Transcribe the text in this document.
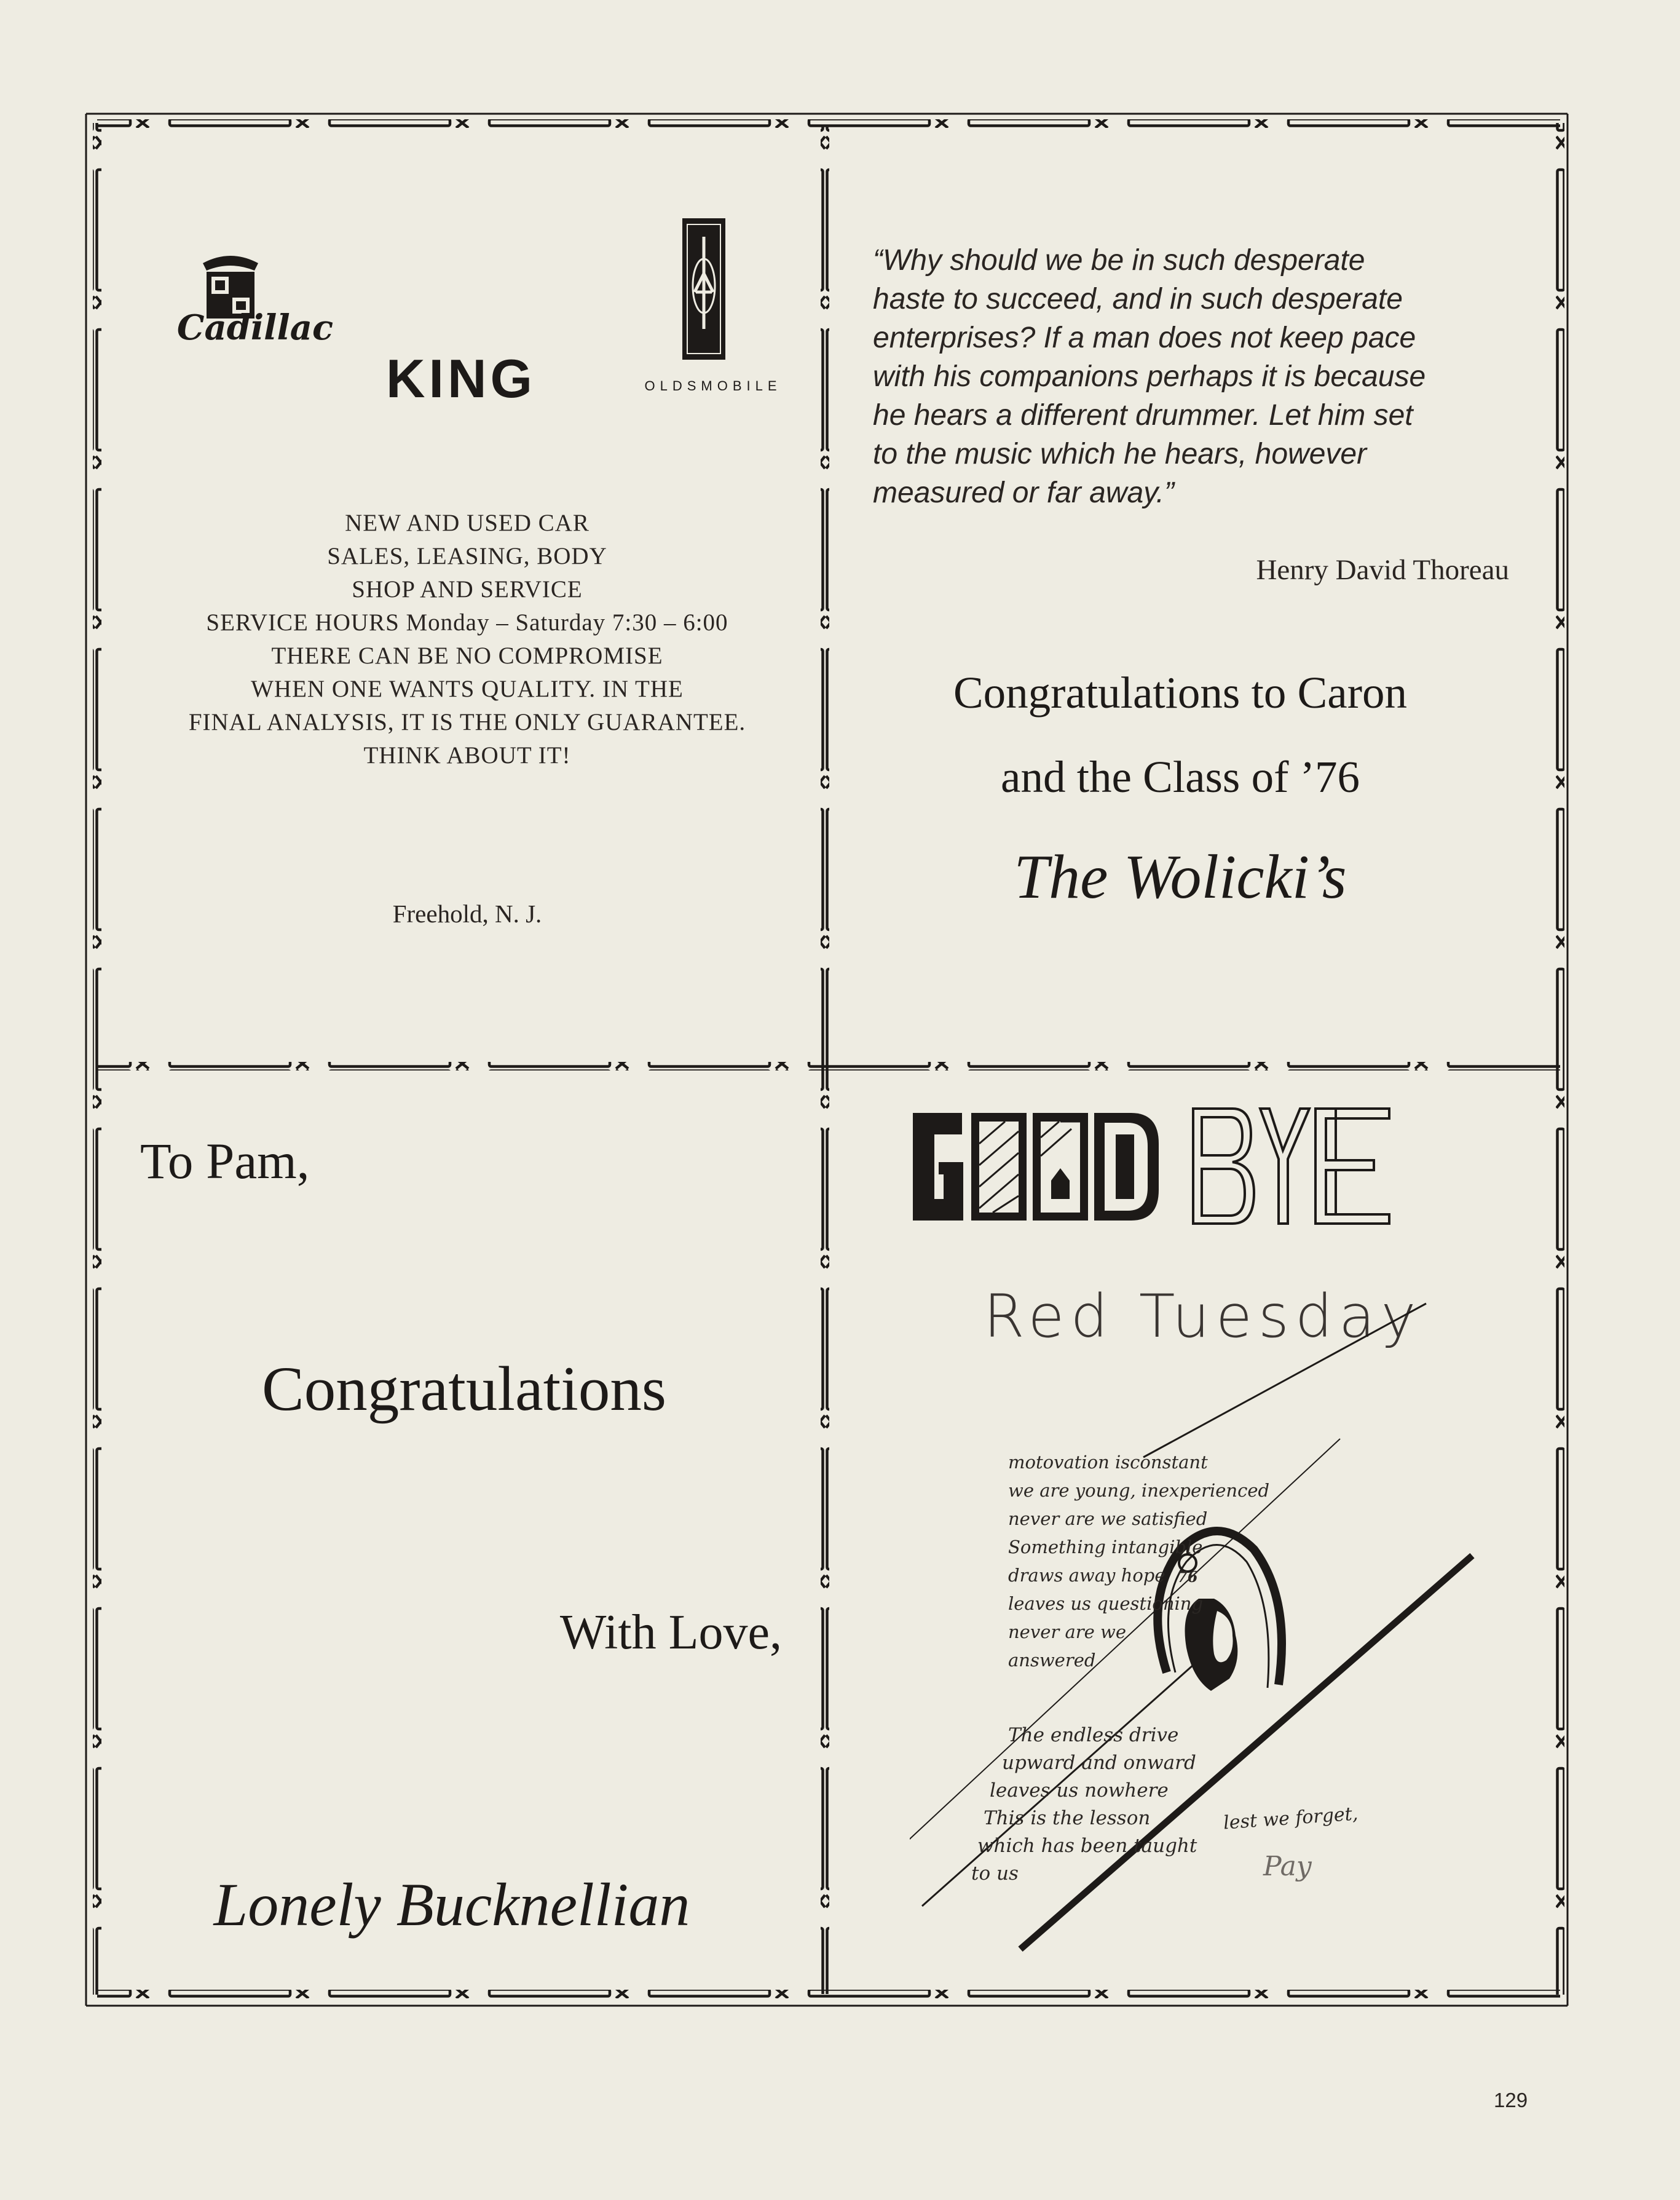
Cadillac
KING	OLDSMOBILE
NEW AND USED CAR
SALES, LEASING, BODY
SHOP AND SERVICE
SERVICE HOURS Monday – Saturday 7:30 – 6:00
THERE CAN BE NO COMPROMISE
WHEN ONE WANTS QUALITY. IN THE
FINAL ANALYSIS, IT IS THE ONLY GUARANTEE.
THINK ABOUT IT!
Freehold, N. J.
“Why should we be in such desperate
haste to succeed, and in such desperate
enterprises? If a man does not keep pace
with his companions perhaps it is because
he hears a different drummer. Let him set
to the music which he hears, however
measured or far away.”
Henry David Thoreau
Congratulations to Caron
and the Class of ’76
The Wolicki’s
To Pam,
Congratulations
With Love,
Lonely Bucknellian
Red Tuesday
76
motovation isconstant
we are young, inexperienced
never are we satisfied
Something intangible
draws away hope
leaves us questioning
never are we
answered
The endless drive
upward and onward
leaves us nowhere
This is the lesson
which has been taught
to us
lest we forget,
Pay
129
